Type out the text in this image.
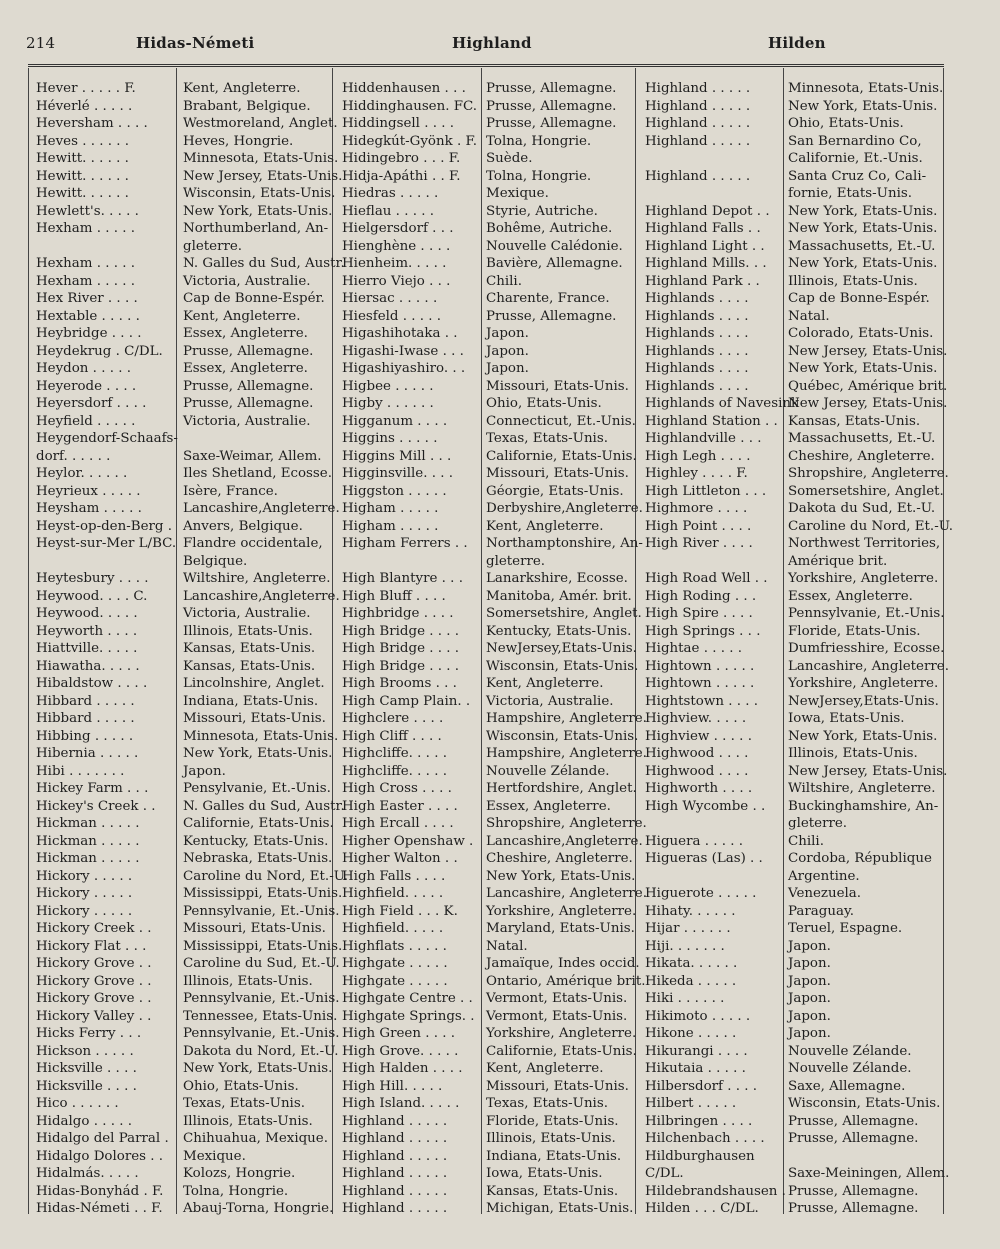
214	Hidas-Németi	Highland	Hilden
Hever . . . . . F.	Kent, Angleterre.
Héverlé . . . . .	Brabant, Belgique.
Heversham . . . .	Westmoreland, Anglet.
Heves . . . . . .	Heves, Hongrie.
Hewitt. . . . . .	Minnesota, Etats-Unis.
Hewitt. . . . . .	New Jersey, Etats-Unis.
Hewitt. . . . . .	Wisconsin, Etats-Unis.
Hewlett's. . . . .	New York, Etats-Unis.
Hexham . . . . .	Northumberland, An-
gleterre.
Hexham . . . . .	N. Galles du Sud, Austr.
Hexham . . . . .	Victoria, Australie.
Hex River . . . .	Cap de Bonne-Espér.
Hextable . . . . .	Kent, Angleterre.
Heybridge . . . .	Essex, Angleterre.
Heydekrug . C/DL. Prusse, Allemagne.
Heydon . . . . .	Essex, Angleterre.
Heyerode . . . .	Prusse, Allemagne.
Heyersdorf . . . .	Prusse, Allemagne.
Heyfield . . . . .	Victoria, Australie.
Heygendorf-Schaafs-
dorf. . . . . .	Saxe-Weimar, Allem.
Heylor. . . . . .	Iles Shetland, Ecosse.
Heyrieux . . . . .	Isère, France.
Heysham . . . . .	Lancashire,Angleterre.
Heyst-op-den-Berg . Anvers, Belgique.
Heyst-sur-Mer L/BC. Flandre occidentale,
Belgique.
Heytesbury . . . .	Wiltshire, Angleterre.
Heywood. . . . C.	Lancashire,Angleterre.
Heywood. . . . .	Victoria, Australie.
Heyworth . . . .	Illinois, Etats-Unis.
Hiattville. . . . .	Kansas, Etats-Unis.
Hiawatha. . . . .	Kansas, Etats-Unis.
Hibaldstow . . . .	Lincolnshire, Anglet.
Hibbard . . . . .	Indiana, Etats-Unis.
Hibbard . . . . .	Missouri, Etats-Unis.
Hibbing . . . . .	Minnesota, Etats-Unis.
Hibernia . . . . .	New York, Etats-Unis.
Hibi . . . . . . .	Japon.
Hickey Farm . . .	Pensylvanie, Et.-Unis.
Hickey's Creek . . N. Galles du Sud, Austr.
Hickman . . . . .	Californie, Etats-Unis.
Hickman . . . . .	Kentucky, Etats-Unis.
Hickman . . . . .	Nebraska, Etats-Unis.
Hickory . . . . .	Caroline du Nord, Et.-U.
Hickory . . . . .	Mississippi, Etats-Unis.
Hickory . . . . .	Pennsylvanie, Et.-Unis.
Hickory Creek . . Missouri, Etats-Unis.
Hickory Flat . . .	Mississippi, Etats-Unis.
Hickory Grove . . Caroline du Sud, Et.-U.
Hickory Grove . . Illinois, Etats-Unis.
Hickory Grove . . Pennsylvanie, Et.-Unis.
Hickory Valley . . Tennessee, Etats-Unis.
Hicks Ferry . . .	Pennsylvanie, Et.-Unis.
Hickson . . . . .	Dakota du Nord, Et.-U.
Hicksville . . . .	New York, Etats-Unis.
Hicksville . . . .	Ohio, Etats-Unis.
Hico . . . . . .	Texas, Etats-Unis.
Hidalgo . . . . .	Illinois, Etats-Unis.
Hidalgo del Parral . Chihuahua, Mexique.
Hidalgo Dolores . . Mexique.
Hidalmás. . . . .	Kolozs, Hongrie.
Hidas-Bonyhád . F. Tolna, Hongrie.
Hidas-Németi . . F. Abauj-Torna, Hongrie.
Hiddenhausen . . . Prusse, Allemagne.
Hiddinghausen. FC. Prusse, Allemagne.
Hiddingsell . . . . Prusse, Allemagne.
Hidegkút-Gyönk . F. Tolna, Hongrie.
Hidingebro . . . F. Suède.
Hidja-Apáthi . . F. Tolna, Hongrie.
Hiedras . . . . .	Mexique.
Hieflau . . . . .	Styrie, Autriche.
Hielgersdorf . . . Bohême, Autriche.
Hienghène . . . .	Nouvelle Calédonie.
Hienheim. . . . .	Bavière, Allemagne.
Hierro Viejo . . .	Chili.
Hiersac . . . . .	Charente, France.
Hiesfeld . . . . .	Prusse, Allemagne.
Higashihotaka . . Japon.
Higashi-Iwase . . . Japon.
Higashiyashiro. . . Japon.
Higbee . . . . .	Missouri, Etats-Unis.
Higby . . . . . .	Ohio, Etats-Unis.
Higganum . . . .	Connecticut, Et.-Unis.
Higgins . . . . .	Texas, Etats-Unis.
Higgins Mill . . .	Californie, Etats-Unis.
Higginsville. . . . Missouri, Etats-Unis.
Higgston . . . . .	Géorgie, Etats-Unis.
Higham . . . . .	Derbyshire,Angleterre.
Higham . . . . .	Kent, Angleterre.
Higham Ferrers . . Northamptonshire, An-
gleterre.
High Blantyre . . . Lanarkshire, Ecosse.
High Bluff . . . .	Manitoba, Amér. brit.
Highbridge . . . . Somersetshire, Anglet.
High Bridge . . . . Kentucky, Etats-Unis.
High Bridge . . . . NewJersey,Etats-Unis.
High Bridge . . . . Wisconsin, Etats-Unis.
High Brooms . . . Kent, Angleterre.
High Camp Plain. . Victoria, Australie.
Highclere . . . .	Hampshire, Angleterre.
High Cliff . . . .	Wisconsin, Etats-Unis.
Highcliffe. . . . .	Hampshire, Angleterre.
Highcliffe. . . . .	Nouvelle Zélande.
High Cross . . . .	Hertfordshire, Anglet.
High Easter . . . . Essex, Angleterre.
High Ercall . . . . Shropshire, Angleterre.
Higher Openshaw . Lancashire,Angleterre.
Higher Walton . . Cheshire, Angleterre.
High Falls . . . .	New York, Etats-Unis.
Highfield. . . . .	Lancashire, Angleterre.
High Field . . . K. Yorkshire, Angleterre.
Highfield. . . . .	Maryland, Etats-Unis.
Highflats . . . . .	Natal.
Highgate . . . . .	Jamaïque, Indes occid.
Highgate . . . . .	Ontario, Amérique brit.
Highgate Centre . . Vermont, Etats-Unis.
Highgate Springs. . Vermont, Etats-Unis.
High Green . . . . Yorkshire, Angleterre.
High Grove. . . . . Californie, Etats-Unis.
High Halden . . . . Kent, Angleterre.
High Hill. . . . .	Missouri, Etats-Unis.
High Island. . . . . Texas, Etats-Unis.
Highland . . . . .	Floride, Etats-Unis.
Highland . . . . .	Illinois, Etats-Unis.
Highland . . . . .	Indiana, Etats-Unis.
Highland . . . . .	Iowa, Etats-Unis.
Highland . . . . .	Kansas, Etats-Unis.
Highland . . . . .	Michigan, Etats-Unis.
Highland . . . . .	Minnesota, Etats-Unis.
Highland . . . . .	New York, Etats-Unis.
Highland . . . . .	Ohio, Etats-Unis.
Highland . . . . .	San Bernardino Co,
Californie, Et.-Unis.
Highland . . . . .	Santa Cruz Co, Cali-
fornie, Etats-Unis.
Highland Depot . . New York, Etats-Unis.
Highland Falls . . New York, Etats-Unis.
Highland Light . . Massachusetts, Et.-U.
Highland Mills. . . New York, Etats-Unis.
Highland Park . . Illinois, Etats-Unis.
Highlands . . . .	Cap de Bonne-Espér.
Highlands . . . .	Natal.
Highlands . . . .	Colorado, Etats-Unis.
Highlands . . . .	New Jersey, Etats-Unis.
Highlands . . . .	New York, Etats-Unis.
Highlands . . . .	Québec, Amérique brit.
Highlands of Navesink
New Jersey, Etats-Unis.
Highland Station . . Kansas, Etats-Unis.
Highlandville . . . Massachusetts, Et.-U.
High Legh . . . .	Cheshire, Angleterre.
Highley . . . . F.	Shropshire, Angleterre.
High Littleton . . . Somersetshire, Anglet.
Highmore . . . .	Dakota du Sud, Et.-U.
High Point . . . .	Caroline du Nord, Et.-U.
High River . . . .	Northwest Territories,
Amérique brit.
High Road Well . . Yorkshire, Angleterre.
High Roding . . . Essex, Angleterre.
High Spire . . . .	Pennsylvanie, Et.-Unis.
High Springs . . . Floride, Etats-Unis.
Hightae . . . . .	Dumfriesshire, Ecosse.
Hightown . . . . .	Lancashire, Angleterre.
Hightown . . . . .	Yorkshire, Angleterre.
Hightstown . . . . NewJersey,Etats-Unis.
Highview. . . . .	Iowa, Etats-Unis.
Highview . . . . .	New York, Etats-Unis.
Highwood . . . .	Illinois, Etats-Unis.
Highwood . . . .	New Jersey, Etats-Unis.
Highworth . . . .	Wiltshire, Angleterre.
High Wycombe . . Buckinghamshire, An-
gleterre.
Higuera . . . . .	Chili.
Higueras (Las) . . Cordoba, République
Argentine.
Higuerote . . . . . Venezuela.
Hihaty. . . . . .	Paraguay.
Hijar . . . . . .	Teruel, Espagne.
Hiji. . . . . . .	Japon.
Hikata. . . . . .	Japon.
Hikeda . . . . .	Japon.
Hiki . . . . . .	Japon.
Hikimoto . . . . .	Japon.
Hikone . . . . .	Japon.
Hikurangi . . . .	Nouvelle Zélande.
Hikutaia . . . . .	Nouvelle Zélande.
Hilbersdorf . . . . Saxe, Allemagne.
Hilbert . . . . .	Wisconsin, Etats-Unis.
Hilbringen . . . .	Prusse, Allemagne.
Hilchenbach . . . . Prusse, Allemagne.
Hildburghausen
C/DL.	Saxe-Meiningen, Allem.
Hildebrandshausen . Prusse, Allemagne.
Hilden . . . C/DL. Prusse, Allemagne.
